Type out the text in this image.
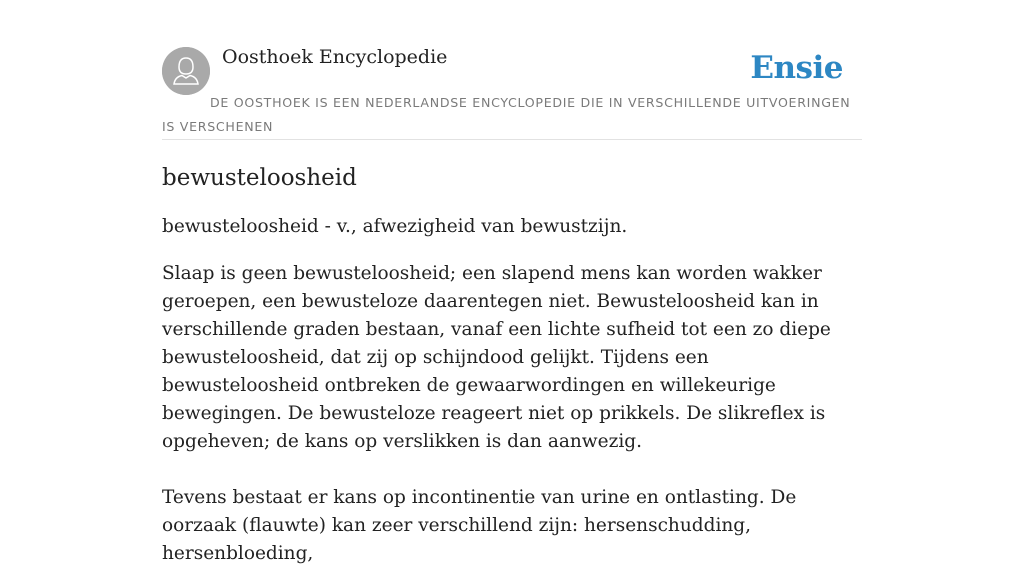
Oosthoek Encyclopedie	Ensie
DE OOSTHOEK IS EEN NEDERLANDSE ENCYCLOPEDIE DIE IN VERSCHILLENDE UITVOERINGEN IS VERSCHENEN
bewusteloosheid

bewusteloosheid - v., afwezigheid van bewustzijn.

Slaap is geen bewusteloosheid; een slapend mens kan worden wakker geroepen, een bewusteloze daarentegen niet. Bewusteloosheid kan in verschillende graden bestaan, vanaf een lichte sufheid tot een zo diepe bewusteloosheid, dat zij op schijndood gelijkt. Tijdens een bewusteloosheid ontbreken de gewaarwordingen en willekeurige bewegingen. De bewusteloze reageert niet op prikkels. De slikreflex is opgeheven; de kans op verslikken is dan aanwezig.
Tevens bestaat er kans op incontinentie van urine en ontlasting. De oorzaak (flauwte) kan zeer verschillend zijn: hersenschudding, hersenbloeding,
